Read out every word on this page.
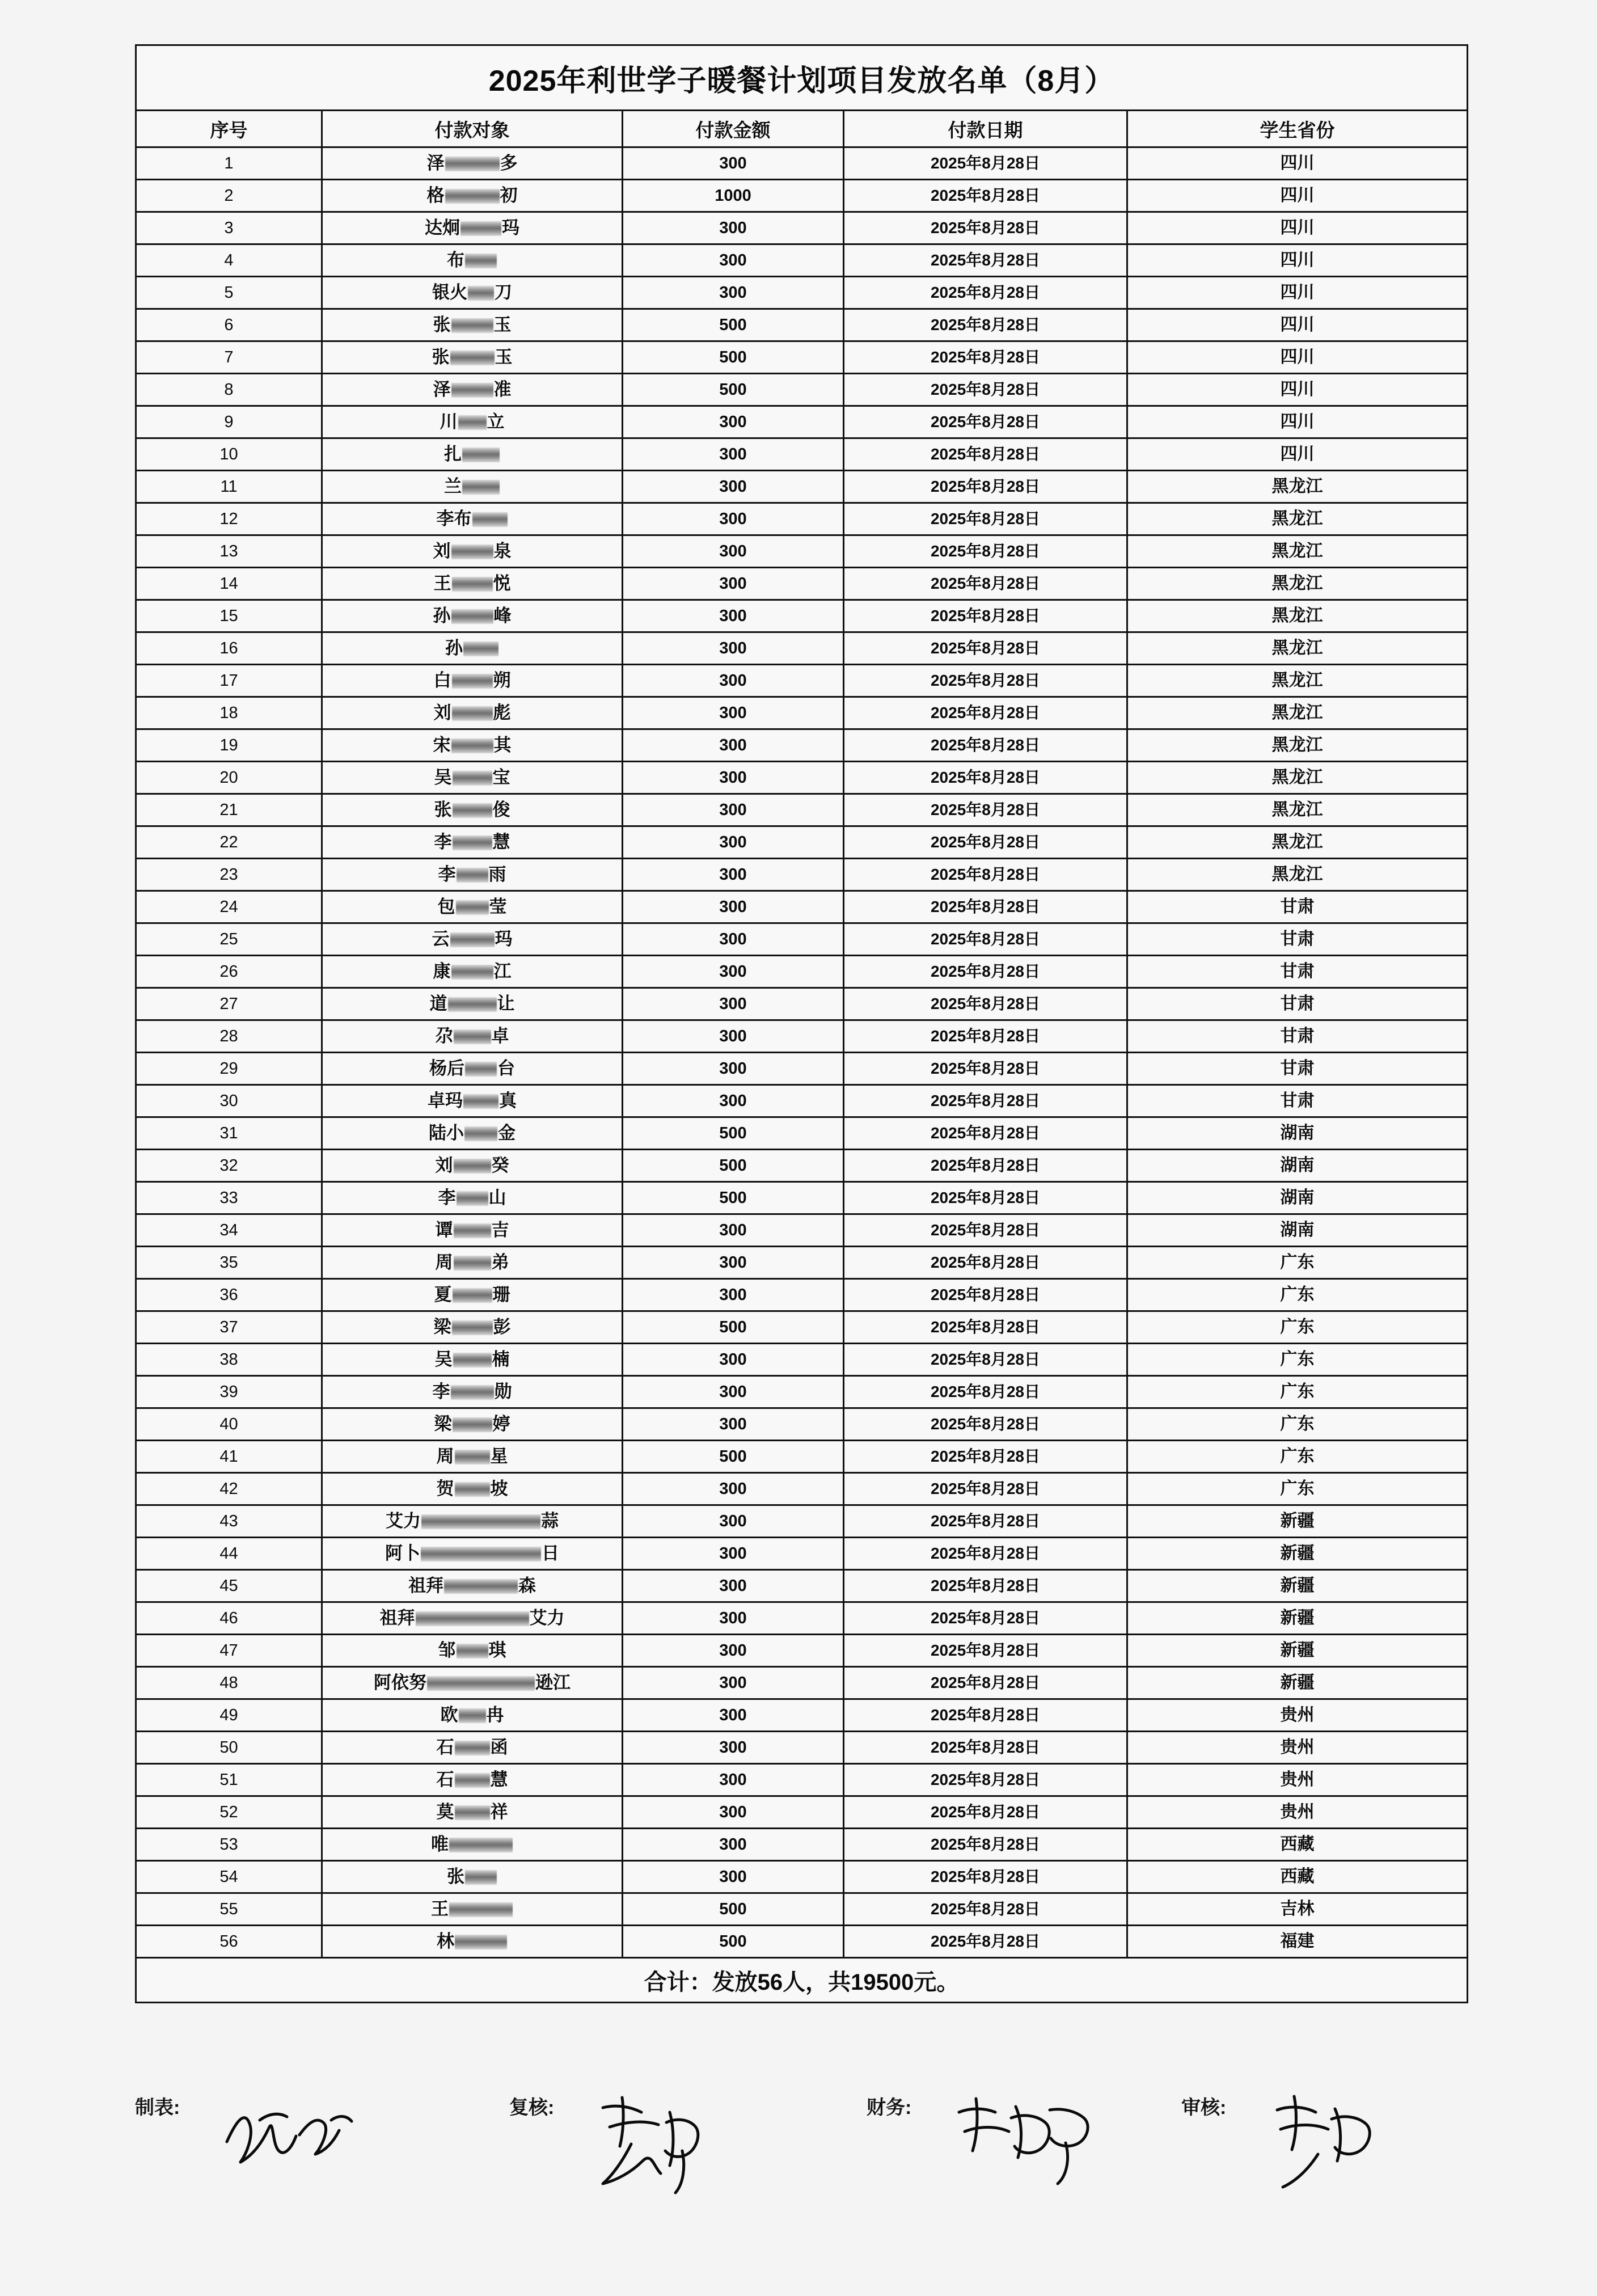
2025年利世学子暖餐计划项目发放名单（8月）				
序号	付款对象	付款金额	付款日期	学生省份
1	泽 多	300	2025年8月28日	四川
2	格 初	1000	2025年8月28日	四川
3	达炯 玛	300	2025年8月28日	四川
4	布	300	2025年8月28日	四川
5	银火 刀	300	2025年8月28日	四川
6	张 玉	500	2025年8月28日	四川
7	张 玉	500	2025年8月28日	四川
8	泽 准	500	2025年8月28日	四川
9	川 立	300	2025年8月28日	四川
10	扎	300	2025年8月28日	四川
11	兰	300	2025年8月28日	黑龙江
12	李布	300	2025年8月28日	黑龙江
13	刘 泉	300	2025年8月28日	黑龙江
14	王 悦	300	2025年8月28日	黑龙江
15	孙 峰	300	2025年8月28日	黑龙江
16	孙	300	2025年8月28日	黑龙江
17	白 朔	300	2025年8月28日	黑龙江
18	刘 彪	300	2025年8月28日	黑龙江
19	宋 其	300	2025年8月28日	黑龙江
20	吴 宝	300	2025年8月28日	黑龙江
21	张 俊	300	2025年8月28日	黑龙江
22	李 慧	300	2025年8月28日	黑龙江
23	李 雨	300	2025年8月28日	黑龙江
24	包 莹	300	2025年8月28日	甘肃
25	云 玛	300	2025年8月28日	甘肃
26	康 江	300	2025年8月28日	甘肃
27	道 让	300	2025年8月28日	甘肃
28	尕 卓	300	2025年8月28日	甘肃
29	杨后 台	300	2025年8月28日	甘肃
30	卓玛 真	300	2025年8月28日	甘肃
31	陆小 金	500	2025年8月28日	湖南
32	刘 癸	500	2025年8月28日	湖南
33	李 山	500	2025年8月28日	湖南
34	谭 吉	300	2025年8月28日	湖南
35	周 弟	300	2025年8月28日	广东
36	夏 珊	300	2025年8月28日	广东
37	梁 彭	500	2025年8月28日	广东
38	吴 楠	300	2025年8月28日	广东
39	李 勋	300	2025年8月28日	广东
40	梁 婷	300	2025年8月28日	广东
41	周 星	500	2025年8月28日	广东
42	贺 坡	300	2025年8月28日	广东
43	艾力 蒜	300	2025年8月28日	新疆
44	阿卜 日	300	2025年8月28日	新疆
45	祖拜 森	300	2025年8月28日	新疆
46	祖拜 艾力	300	2025年8月28日	新疆
47	邹 琪	300	2025年8月28日	新疆
48	阿依努 逊江	300	2025年8月28日	新疆
49	欧 冉	300	2025年8月28日	贵州
50	石 函	300	2025年8月28日	贵州
51	石 慧	300	2025年8月28日	贵州
52	莫 祥	300	2025年8月28日	贵州
53	唯	300	2025年8月28日	西藏
54	张	300	2025年8月28日	西藏
55	王	500	2025年8月28日	吉林
56	林	500	2025年8月28日	福建
合计：发放56人，共19500元。				
制表:	复核:	财务:	审核:
